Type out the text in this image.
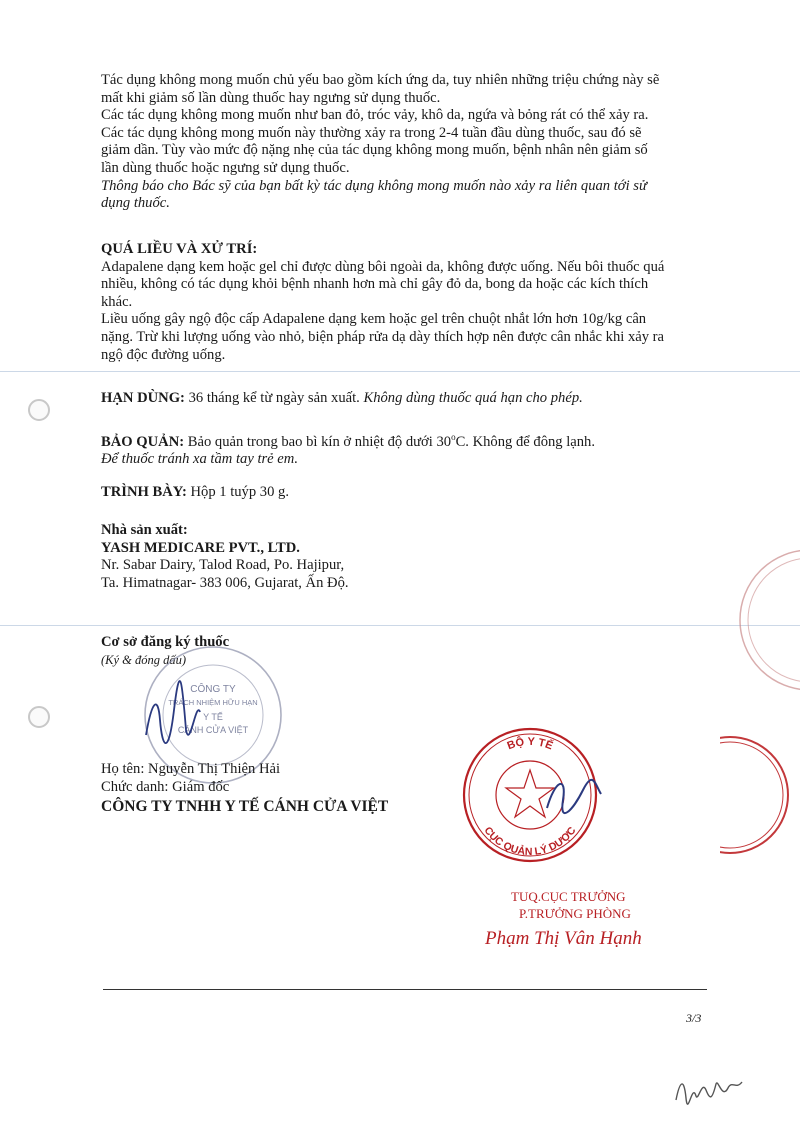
Tác dụng không mong muốn chủ yếu bao gồm kích ứng da, tuy nhiên những triệu chứng này sẽ
mất khi giảm số lần dùng thuốc hay ngưng sử dụng thuốc.
Các tác dụng không mong muốn như ban đỏ, tróc vảy, khô da, ngứa và bỏng rát có thể xảy ra.
Các tác dụng không mong muốn này thường xảy ra trong 2-4 tuần đầu dùng thuốc, sau đó sẽ
giảm dần. Tùy vào mức độ nặng nhẹ của tác dụng không mong muốn, bệnh nhân nên giảm số
lần dùng thuốc hoặc ngưng sử dụng thuốc.
Thông báo cho Bác sỹ của bạn bất kỳ tác dụng không mong muốn nào xảy ra liên quan tới sử
dụng thuốc.
QUÁ LIỀU VÀ XỬ TRÍ:
Adapalene dạng kem hoặc gel chỉ được dùng bôi ngoài da, không được uống. Nếu bôi thuốc quá
nhiều, không có tác dụng khỏi bệnh nhanh hơn mà chỉ gây đỏ da, bong da hoặc các kích thích
khác.
Liều uống gây ngộ độc cấp Adapalene dạng kem hoặc gel trên chuột nhắt lớn hơn 10g/kg cân
nặng. Trừ khi lượng uống vào nhỏ, biện pháp rửa dạ dày thích hợp nên được cân nhắc khi xảy ra
ngộ độc đường uống.
HẠN DÙNG: 36 tháng kể từ ngày sản xuất. Không dùng thuốc quá hạn cho phép.
BẢO QUẢN: Bảo quản trong bao bì kín ở nhiệt độ dưới 30$^o$C. Không để đông lạnh.
Để thuốc tránh xa tầm tay trẻ em.
TRÌNH BÀY: Hộp 1 tuýp 30 g.
Nhà sản xuất:
YASH MEDICARE PVT., LTD.
Nr. Sabar Dairy, Talod Road, Po. Hajipur,
Ta. Himatnagar- 383 006, Gujarat, Ấn Độ.
Cơ sở đăng ký thuốc
(Ký & đóng dấu)
CÔNG TY
TRÁCH NHIỆM HỮU HẠN
Y TẾ
CÁNH CỬA VIỆT
Họ tên: Nguyễn Thị Thiện Hải
Chức danh: Giám đốc
CÔNG TY TNHH Y TẾ CÁNH CỬA VIỆT
BỘ Y TẾ
CỤC QUẢN LÝ DƯỢC
TUQ.CỤC TRƯỞNG
P.TRƯỞNG PHÒNG
Phạm Thị Vân Hạnh
3/3
